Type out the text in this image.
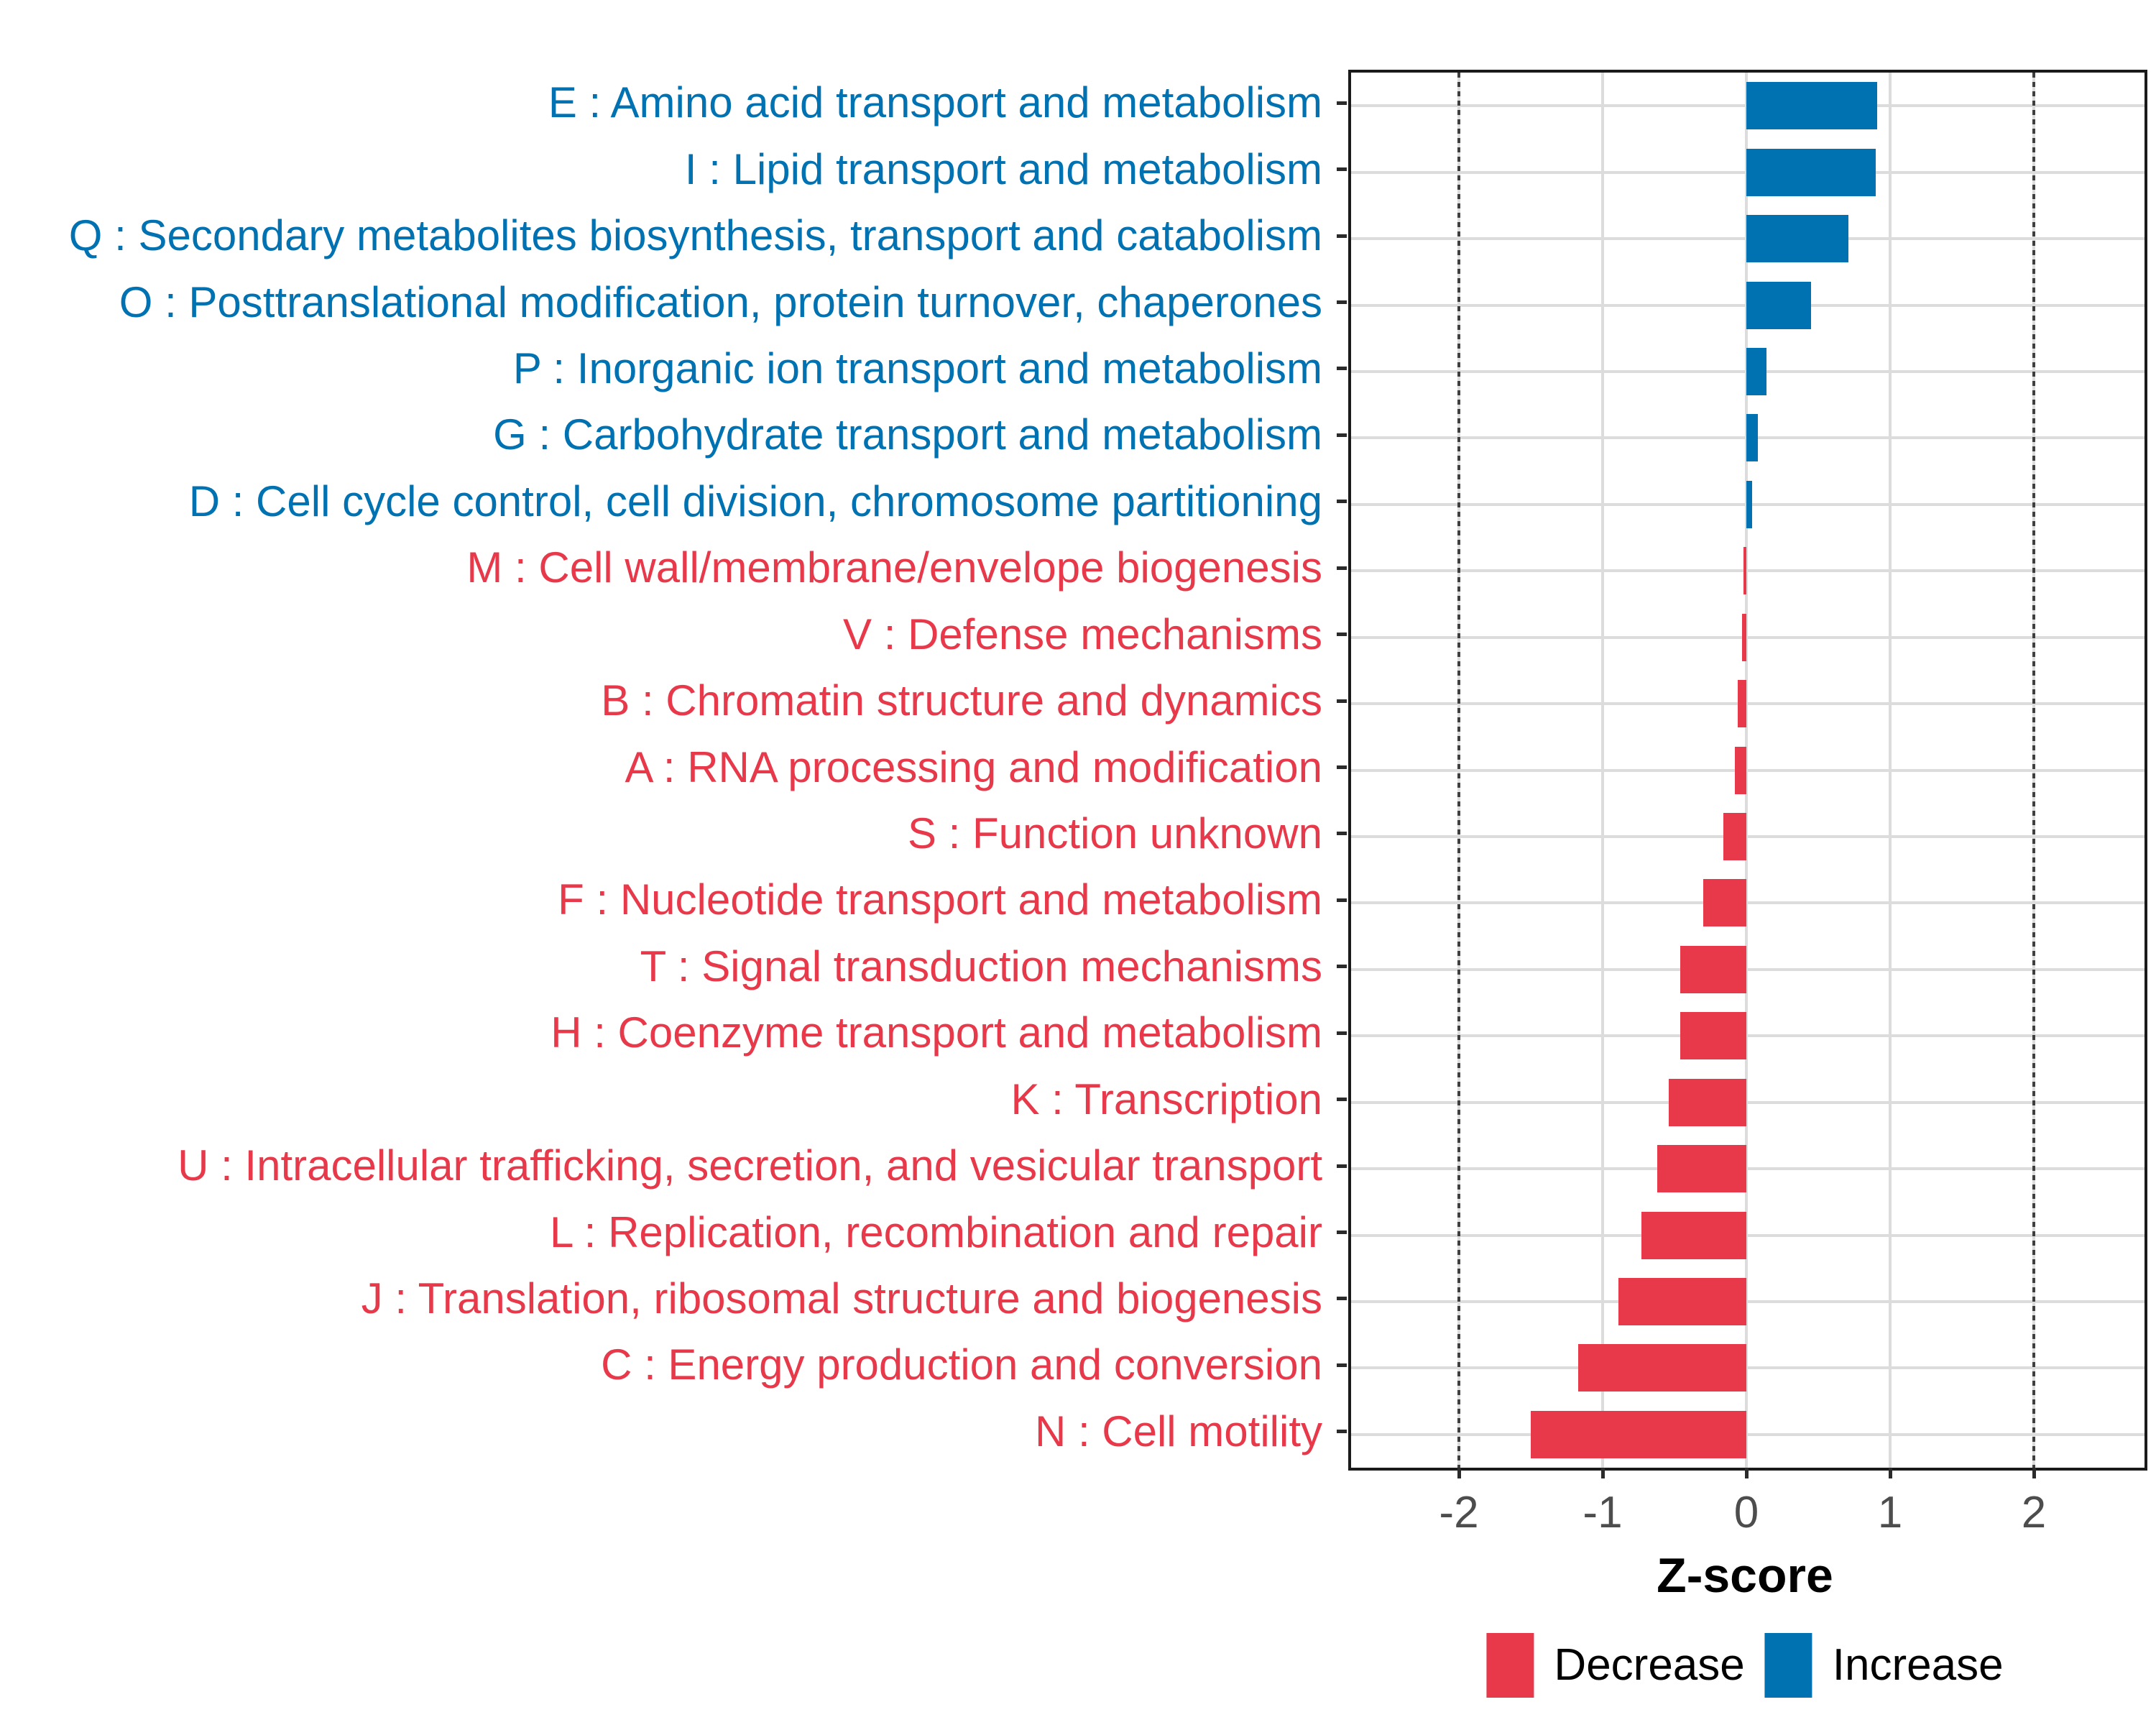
Z-score
Decrease Increase
E : Amino acid transport and metabolism
I : Lipid transport and metabolism
Q : Secondary metabolites biosynthesis, transport and catabolism
O : Posttranslational modification, protein turnover, chaperones
P : Inorganic ion transport and metabolism
G : Carbohydrate transport and metabolism
D : Cell cycle control, cell division, chromosome partitioning
M : Cell wall/membrane/envelope biogenesis
V : Defense mechanisms
B : Chromatin structure and dynamics
A : RNA processing and modification
S : Function unknown
F : Nucleotide transport and metabolism
T : Signal transduction mechanisms
H : Coenzyme transport and metabolism
K : Transcription
U : Intracellular trafficking, secretion, and vesicular transport
L : Replication, recombination and repair
J : Translation, ribosomal structure and biogenesis
C : Energy production and conversion
N : Cell motility
-2 -1	0	1	2
